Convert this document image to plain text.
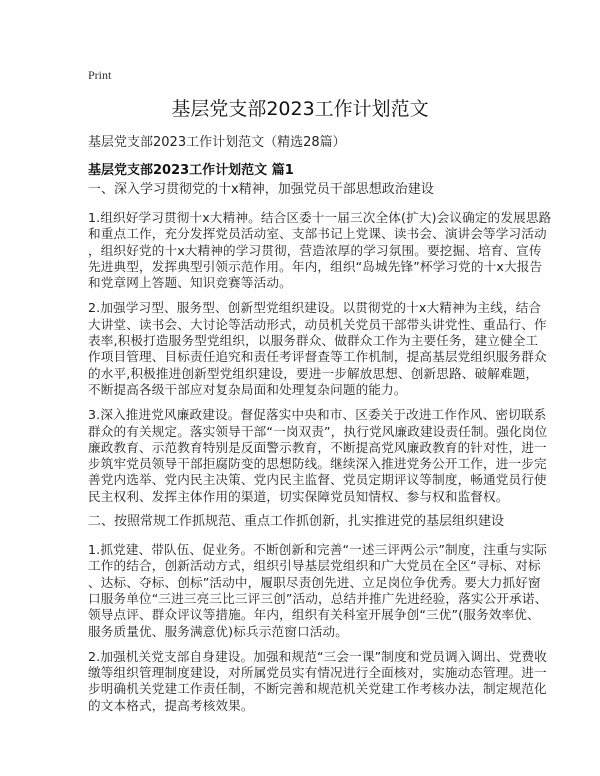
Print
基层党支部2023工作计划范文
基层党支部2023工作计划范文（精选28篇）
基层党支部2023工作计划范文 篇1
一、深入学习贯彻党的十x精神，加强党员干部思想政治建设
1.组织好学习贯彻十x大精神。结合区委十一届三次全体(扩大)会议确定的发展思路
和重点工作，充分发挥党员活动室、支部书记上党课、读书会、演讲会等学习活动
，组织好党的十x大精神的学习贯彻，营造浓厚的学习氛围。要挖掘、培育、宣传
先进典型，发挥典型引领示范作用。年内，组织“岛城先锋”杯学习党的十x大报告
和党章网上答题、知识竞赛等活动。
2.加强学习型、服务型、创新型党组织建设。以贯彻党的十x大精神为主线，结合
大讲堂、读书会、大讨论等活动形式，动员机关党员干部带头讲党性、重品行、作
表率,积极打造服务型党组织，以服务群众、做群众工作为主要任务，建立健全工
作项目管理、目标责任追究和责任考评督查等工作机制，提高基层党组织服务群众
的水平,积极推进创新型党组织建设，要进一步解放思想、创新思路、破解难题，
不断提高各级干部应对复杂局面和处理复杂问题的能力。
3.深入推进党风廉政建设。督促落实中央和市、区委关于改进工作作风、密切联系
群众的有关规定。落实领导干部“一岗双责”，执行党风廉政建设责任制。强化岗位
廉政教育、示范教育特别是反面警示教育，不断提高党风廉政教育的针对性，进一
步筑牢党员领导干部拒腐防变的思想防线。继续深入推进党务公开工作，进一步完
善党内选举、党内民主决策、党内民主监督、党员定期评议等制度，畅通党员行使
民主权利、发挥主体作用的渠道，切实保障党员知情权、参与权和监督权。
二、按照常规工作抓规范、重点工作抓创新，扎实推进党的基层组织建设
1.抓党建、带队伍、促业务。不断创新和完善“一述三评两公示”制度，注重与实际
工作的结合，创新活动方式，组织引导基层党组织和广大党员在全区“寻标、对标
、达标、夺标、创标”活动中，履职尽责创先进、立足岗位争优秀。要大力抓好窗
口服务单位“三进三亮三比三评三创”活动，总结并推广先进经验，落实公开承诺、
领导点评、群众评议等措施。年内，组织有关科室开展争创“三优”(服务效率优、
服务质量优、服务满意优)标兵示范窗口活动。
2.加强机关党支部自身建设。加强和规范“三会一课”制度和党员调入调出、党费收
缴等组织管理制度建设，对所属党员实有情况进行全面核对，实施动态管理。进一
步明确机关党建工作责任制，不断完善和规范机关党建工作考核办法，制定规范化
的文本格式，提高考核效果。
